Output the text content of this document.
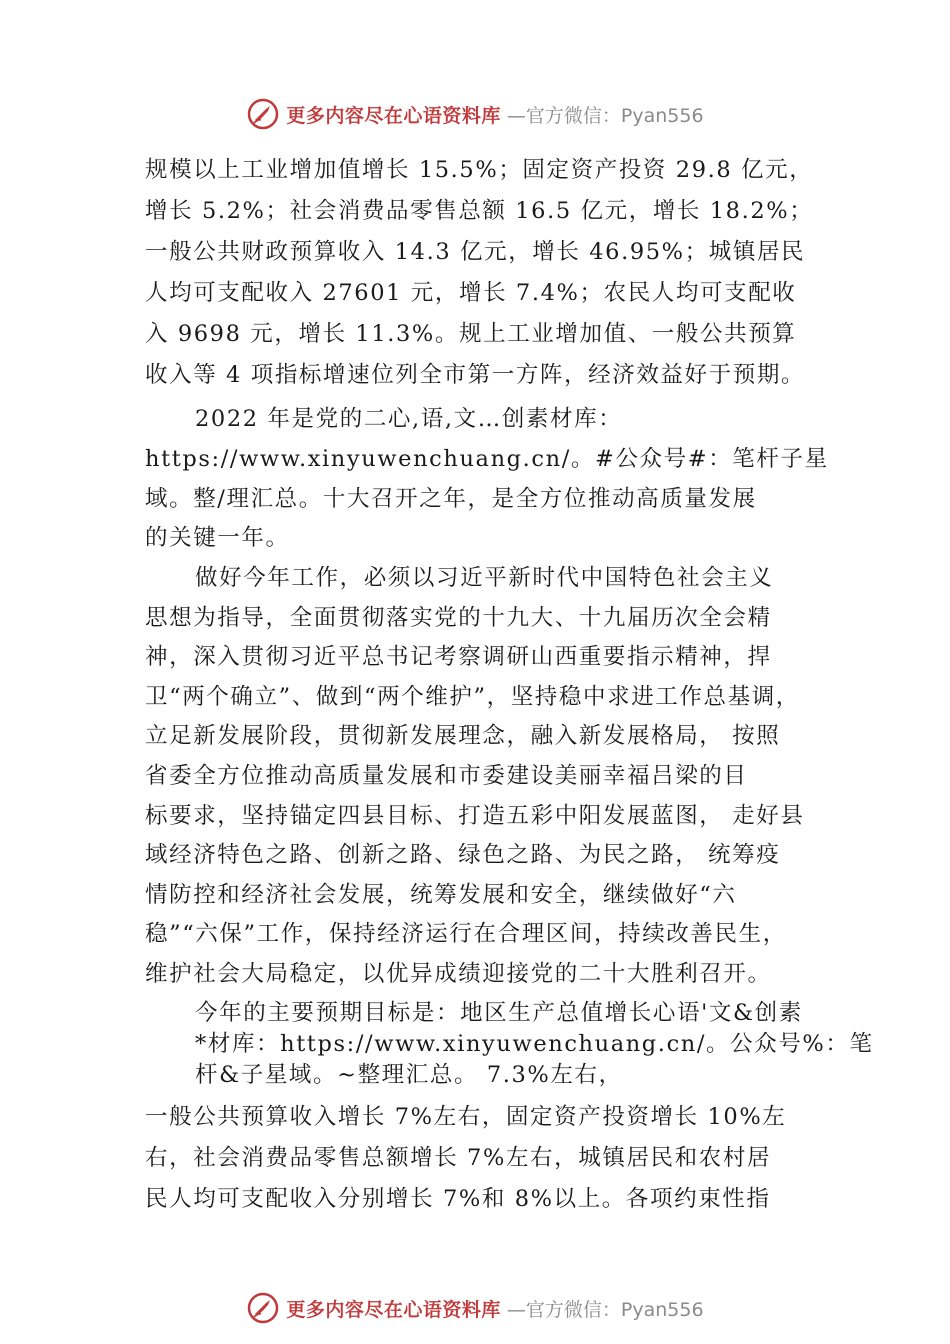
更多内容尽在心语资料库 —官方微信：Pyan556
规模以上工业增加值增长 15.5%；固定资产投资 29.8 亿元，
增长 5.2%；社会消费品零售总额 16.5 亿元，增长 18.2%；
一般公共财政预算收入 14.3 亿元，增长 46.95%；城镇居民
人均可支配收入 27601 元，增长 7.4%；农民人均可支配收
入 9698 元，增长 11.3%。规上工业增加值、一般公共预算
收入等 4 项指标增速位列全市第一方阵，经济效益好于预期。
2022 年是党的二心,语,文…创素材库：
https://www.xinyuwenchuang.cn/。#公众号#：笔杆子星
域。整/理汇总。十大召开之年，是全方位推动高质量发展
的关键一年。
做好今年工作，必须以习近平新时代中国特色社会主义
思想为指导，全面贯彻落实党的十九大、十九届历次全会精
神，深入贯彻习近平总书记考察调研山西重要指示精神，捍
卫“两个确立”、做到“两个维护”，坚持稳中求进工作总基调，
立足新发展阶段，贯彻新发展理念，融入新发展格局， 按照
省委全方位推动高质量发展和市委建设美丽幸福吕梁的目
标要求，坚持锚定四县目标、打造五彩中阳发展蓝图， 走好县
域经济特色之路、创新之路、绿色之路、为民之路， 统筹疫
情防控和经济社会发展，统筹发展和安全，继续做好“六
稳”“六保”工作，保持经济运行在合理区间，持续改善民生，
维护社会大局稳定，以优异成绩迎接党的二十大胜利召开。
今年的主要预期目标是：地区生产总值增长心语'文&创素
*材库：https://www.xinyuwenchuang.cn/。公众号%：笔
杆&子星域。~整理汇总。 7.3%左右，
一般公共预算收入增长 7%左右，固定资产投资增长 10%左
右，社会消费品零售总额增长 7%左右，城镇居民和农村居
民人均可支配收入分别增长 7%和 8%以上。各项约束性指
更多内容尽在心语资料库 —官方微信：Pyan556
